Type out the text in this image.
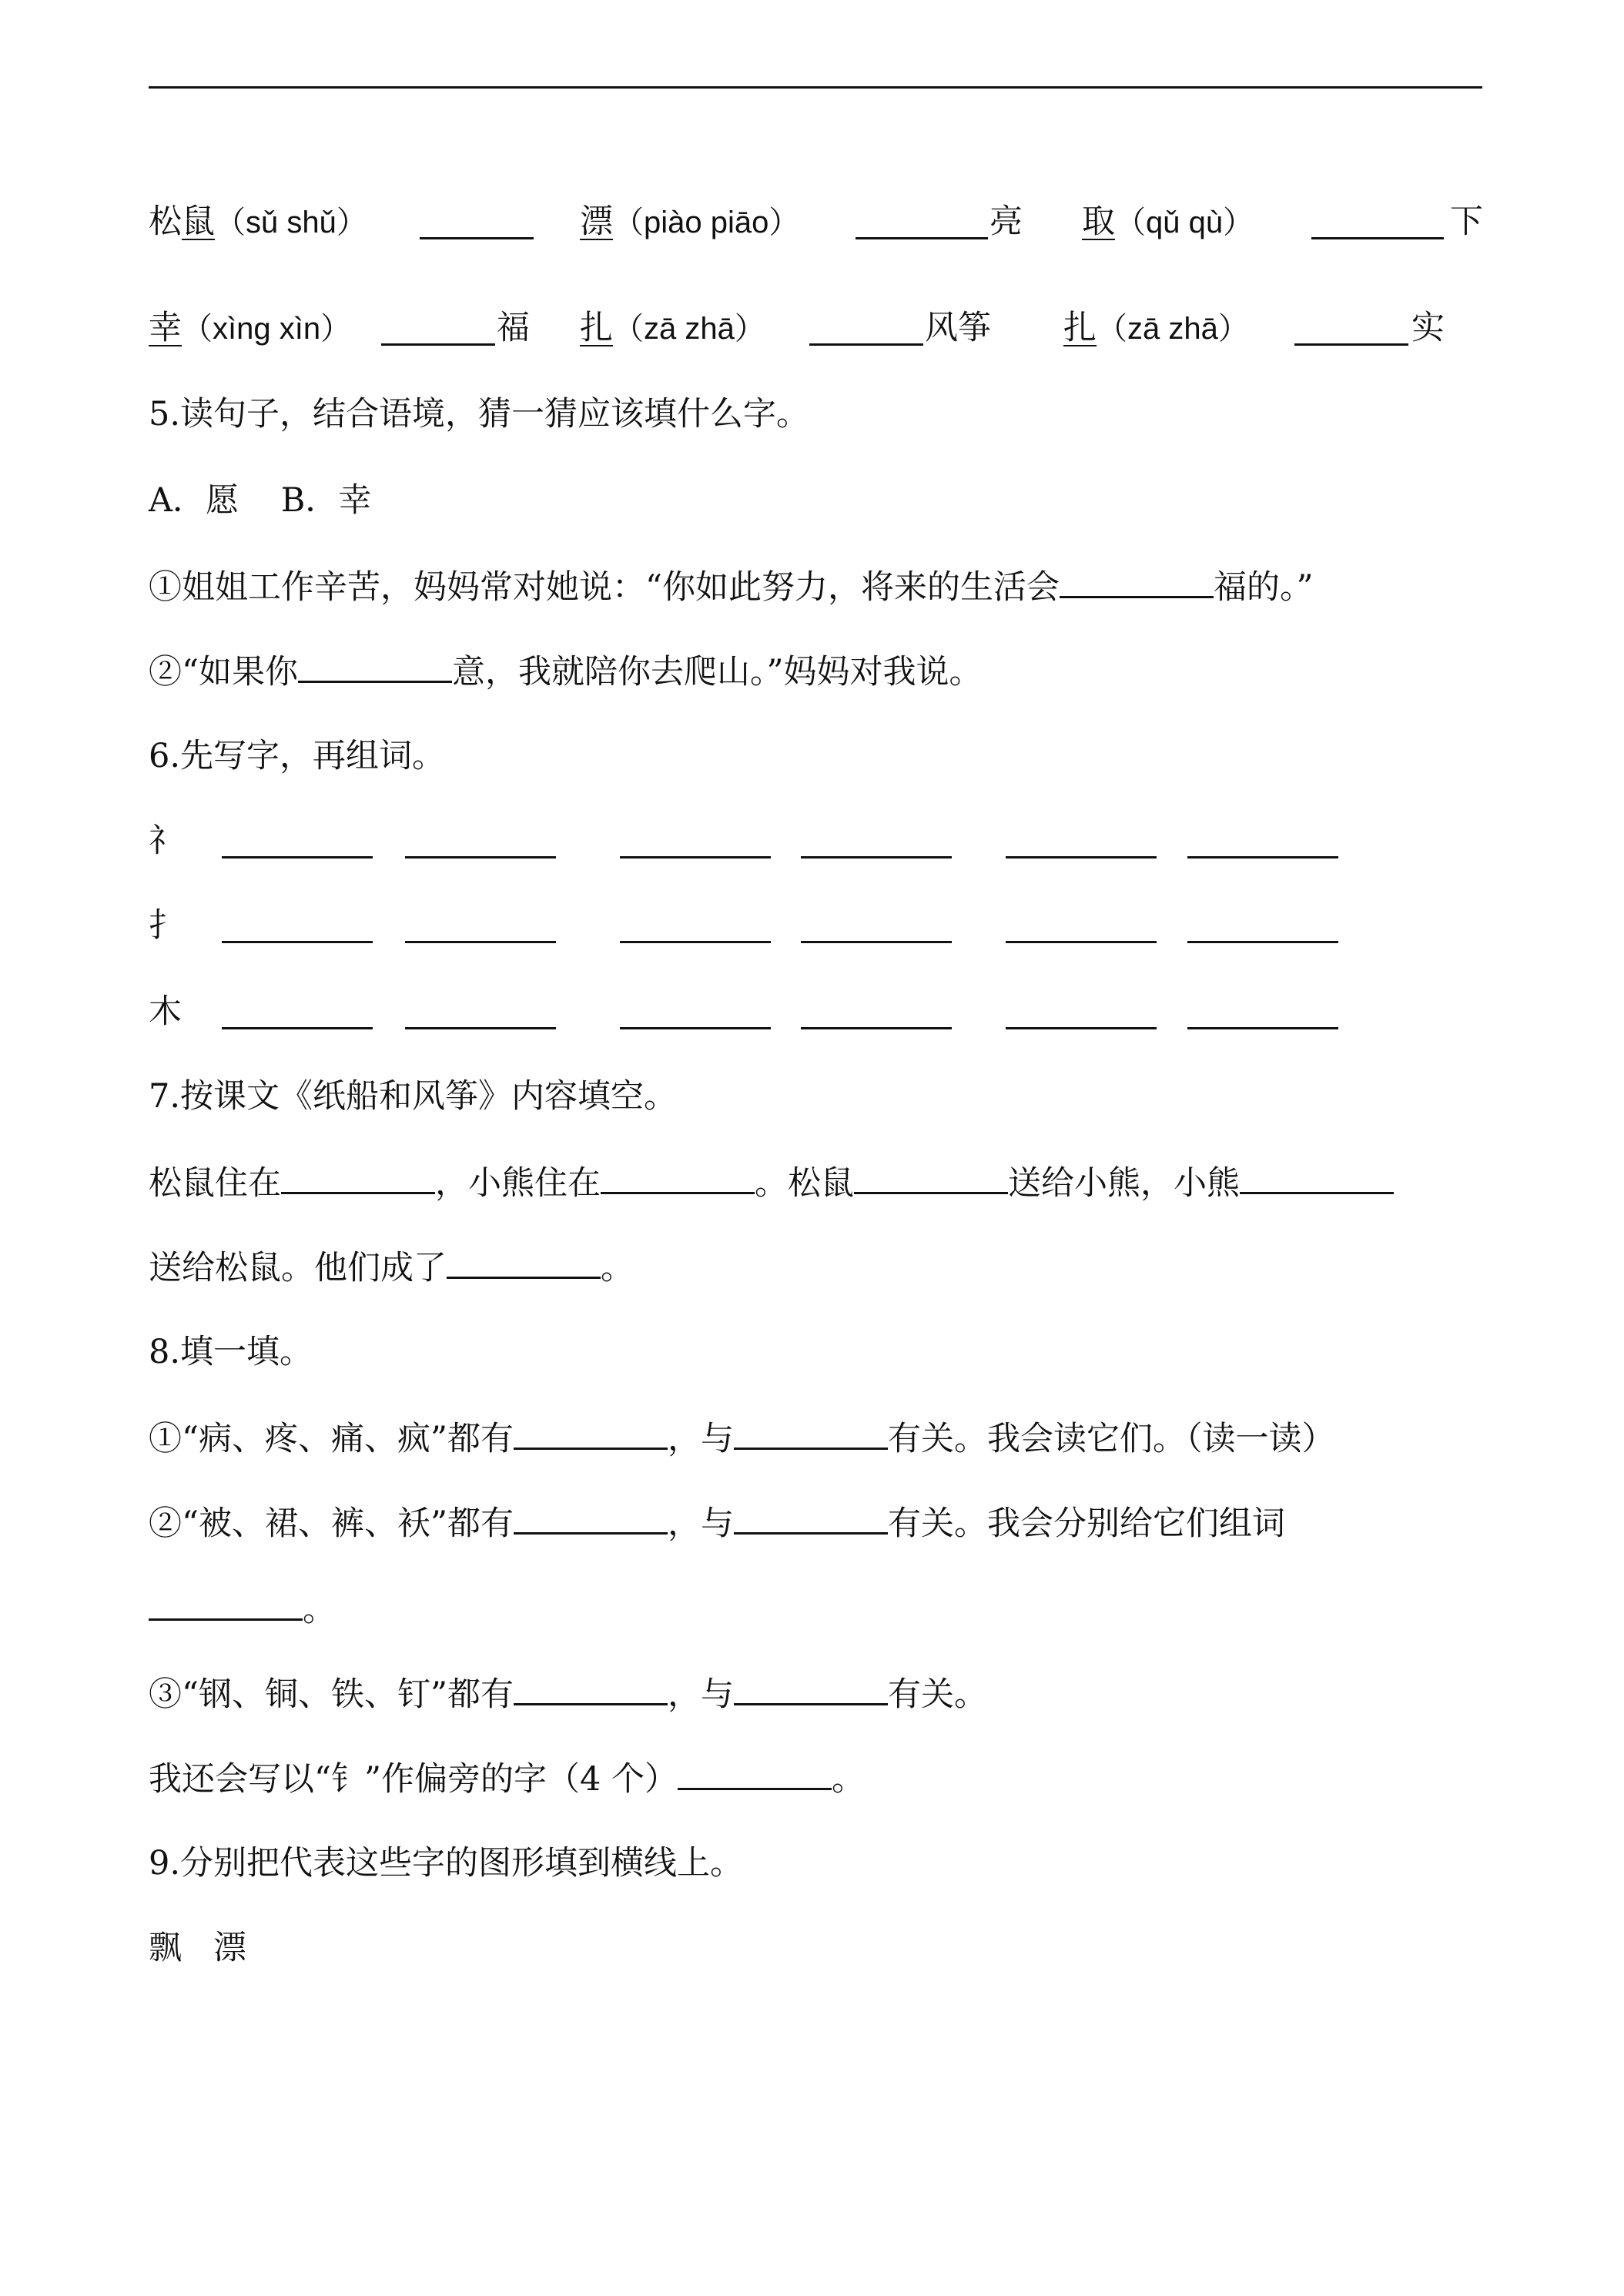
松鼠（sǔ shǔ）	漂（piào piāo）	亮 取（qǔ qù）	下
幸（xìng xìn）	福 扎（zā zhā）	风筝 扎（zā zhā）	实
5.读句子，结合语境，猜一猜应该填什么字。
A．愿    B．幸
①姐姐工作辛苦，妈妈常对她说：“你如此努力，将来的生活会	福的。”
②“如果你	意，我就陪你去爬山。”妈妈对我说。
6.先写字，再组词。
礻
扌
木
7.按课文《纸船和风筝》内容填空。
松鼠住在	，小熊住在	。松鼠	送给小熊，小熊
送给松鼠。他们成了	。
8.填一填。
①“病、疼、痛、疯”都有	，与	有关。我会读它们。（读一读）
②“被、裙、裤、袄”都有	，与	有关。我会分别给它们组词
。
③“钢、铜、铁、钉”都有	，与	有关。
我还会写以“钅”作偏旁的字（4 个）	。
9.分别把代表这些字的图形填到横线上。
飘   漂
